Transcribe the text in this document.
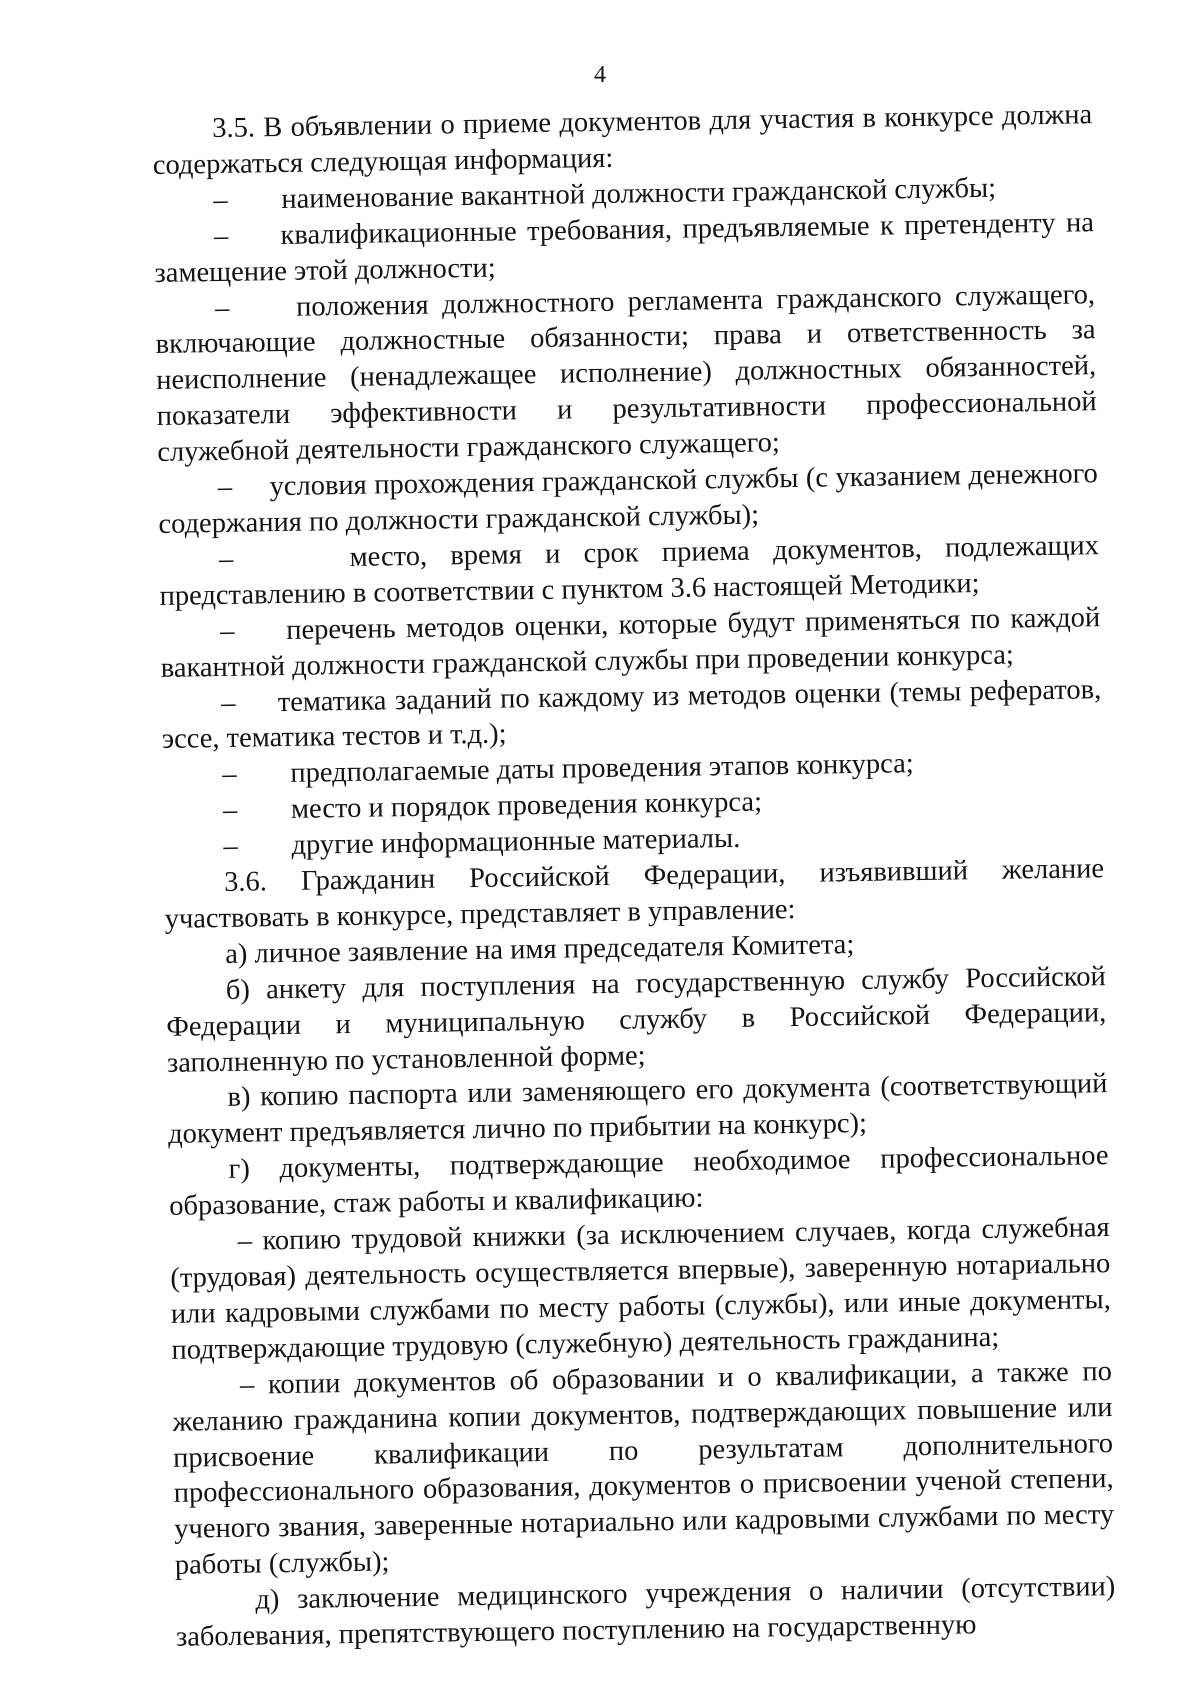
4

3.5. В объявлении о приеме документов для участия в конкурсе должна содержаться следующая информация:

–	наименование вакантной должности гражданской службы;

– квалификационные требования, предъявляемые к претенденту на замещение этой должности;

– положения должностного регламента гражданского служащего, включающие должностные обязанности; права и ответственность за неисполнение (ненадлежащее исполнение) должностных обязанностей, показатели эффективности и результативности профессиональной служебной деятельности гражданского служащего;

– условия прохождения гражданской службы (с указанием денежного содержания по должности гражданской службы);

–	место, время и срок приема документов, подлежащих представлению в соответствии с пунктом 3.6 настоящей Методики;

– перечень методов оценки, которые будут применяться по каждой вакантной должности гражданской службы при проведении конкурса;

– тематика заданий по каждому из методов оценки (темы рефератов, эссе, тематика тестов и т.д.);

–	предполагаемые даты проведения этапов конкурса;
–	место и порядок проведения конкурса;
–	другие информационные материалы.

3.6. Гражданин Российской Федерации, изъявивший желание участвовать в конкурсе, представляет в управление:

а) личное заявление на имя председателя Комитета;

б) анкету для поступления на государственную службу Российской Федерации и муниципальную службу в Российской Федерации, заполненную по установленной форме;

в) копию паспорта или заменяющего его документа (соответствующий документ предъявляется лично по прибытии на конкурс);

г) документы, подтверждающие необходимое профессиональное образование, стаж работы и квалификацию:

– копию трудовой книжки (за исключением случаев, когда служебная (трудовая) деятельность осуществляется впервые), заверенную нотариально или кадровыми службами по месту работы (службы), или иные документы, подтверждающие трудовую (служебную) деятельность гражданина;

– копии документов об образовании и о квалификации, а также по желанию гражданина копии документов, подтверждающих повышение или присвоение квалификации по результатам дополнительного профессионального образования, документов о присвоении ученой степени, ученого звания, заверенные нотариально или кадровыми службами по месту работы (службы);

д) заключение медицинского учреждения о наличии (отсутствии) заболевания, препятствующего поступлению на государственную
